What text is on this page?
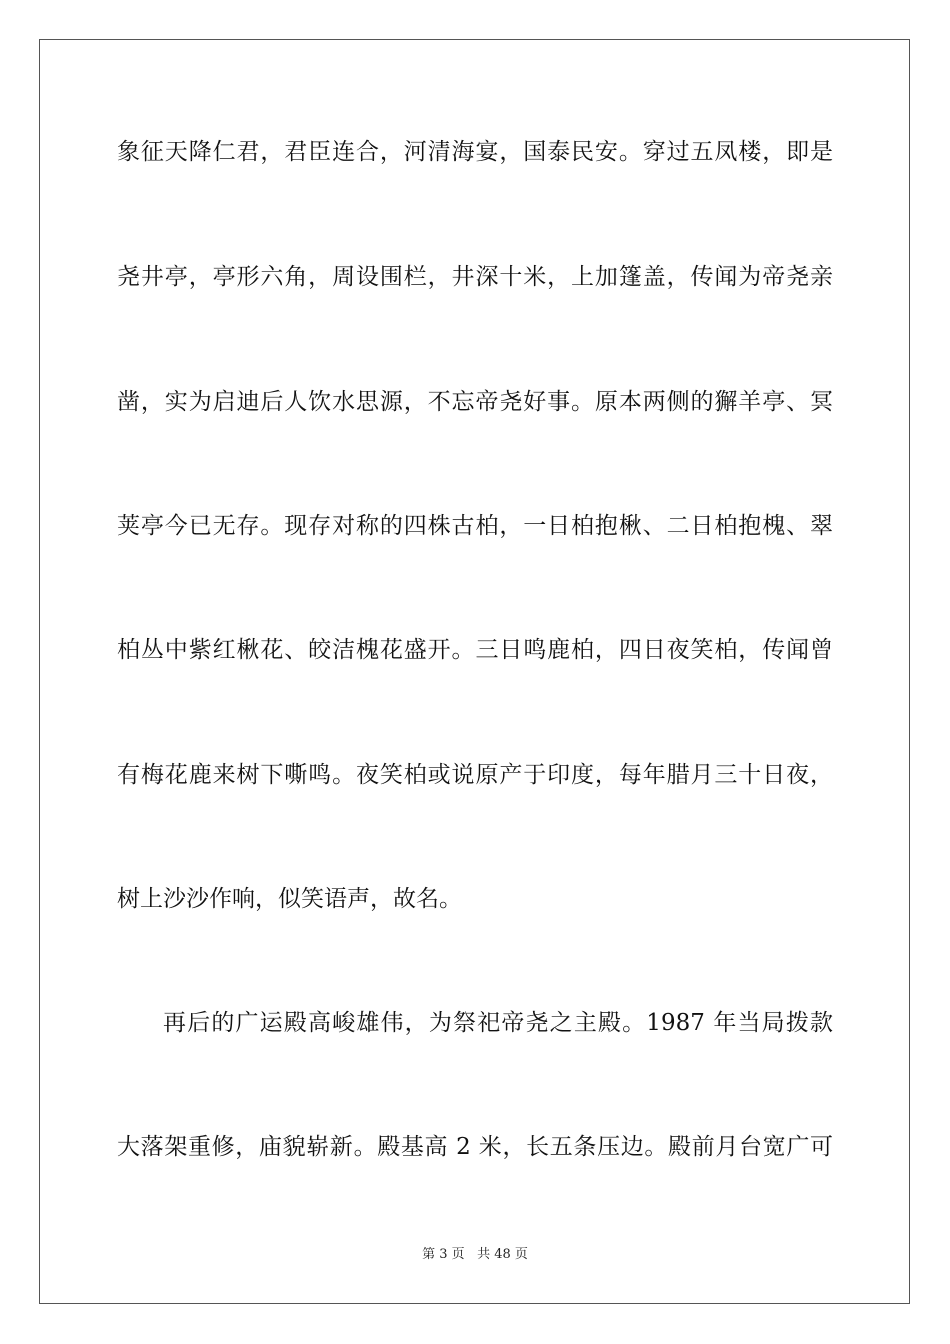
象征天降仁君，君臣连合，河清海宴，国泰民安。穿过五凤楼，即是
尧井亭，亭形六角，周设围栏，井深十米，上加篷盖，传闻为帝尧亲
凿，实为启迪后人饮水思源，不忘帝尧好事。原本两侧的獬羊亭、冥
荚亭今已无存。现存对称的四株古柏，一日柏抱楸、二日柏抱槐、翠
柏丛中紫红楸花、皎洁槐花盛开。三日鸣鹿柏，四日夜笑柏，传闻曾
有梅花鹿来树下嘶鸣。夜笑柏或说原产于印度，每年腊月三十日夜，
树上沙沙作响，似笑语声，故名。
再后的广运殿高峻雄伟，为祭祀帝尧之主殿。1987 年当局拨款
大落架重修，庙貌崭新。殿基高 2 米，长五条压边。殿前月台宽广可
第 3 页 共 48 页
